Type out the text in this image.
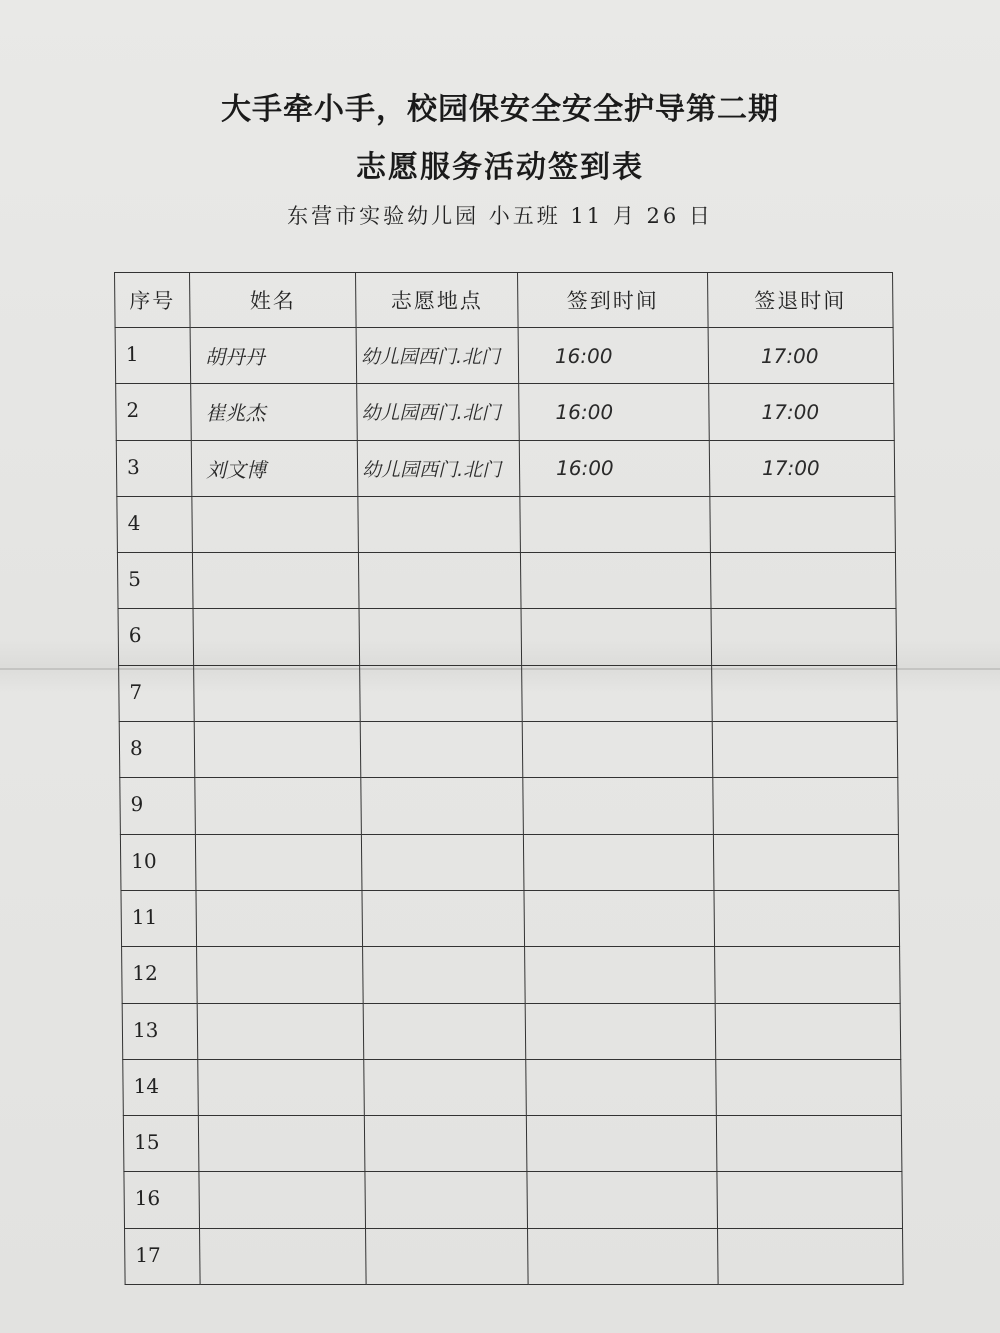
大手牵小手，校园保安全安全护导第二期
志愿服务活动签到表
东营市实验幼儿园 小五班 11 月 26 日
序号	姓名	志愿地点	签到时间	签退时间
1	胡丹丹	幼儿园西门.北门	16:00	17:00
2	崔兆杰	幼儿园西门.北门	16:00	17:00
3	刘文博	幼儿园西门.北门	16:00	17:00
4				
5				
6				
7				
8				
9				
10				
11				
12				
13				
14				
15				
16				
17				
